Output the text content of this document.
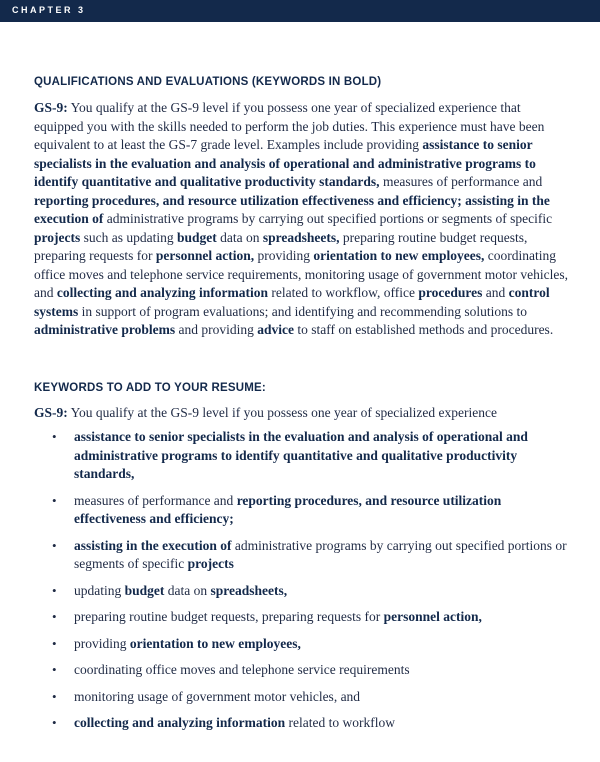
CHAPTER 3
QUALIFICATIONS AND EVALUATIONS (KEYWORDS IN BOLD)

GS-9: You qualify at the GS-9 level if you possess one year of specialized experience that equipped you with the skills needed to perform the job duties. This experience must have been equivalent to at least the GS-7 grade level. Examples include providing assistance to senior specialists in the evaluation and analysis of operational and administrative programs to identify quantitative and qualitative productivity standards, measures of performance and reporting procedures, and resource utilization effectiveness and efficiency; assisting in the execution of administrative programs by carrying out specified portions or segments of specific projects such as updating budget data on spreadsheets, preparing routine budget requests, preparing requests for personnel action, providing orientation to new employees, coordinating office moves and telephone service requirements, monitoring usage of government motor vehicles, and collecting and analyzing information related to workflow, office procedures and control systems in support of program evaluations; and identifying and recommending solutions to administrative problems and providing advice to staff on established methods and procedures.

KEYWORDS TO ADD TO YOUR RESUME:
GS-9: You qualify at the GS-9 level if you possess one year of specialized experience
• assistance to senior specialists in the evaluation and analysis of operational and administrative programs to identify quantitative and qualitative productivity standards,
• measures of performance and reporting procedures, and resource utilization effectiveness and efficiency;
• assisting in the execution of administrative programs by carrying out specified portions or segments of specific projects
• updating budget data on spreadsheets,
• preparing routine budget requests, preparing requests for personnel action,
• providing orientation to new employees,
• coordinating office moves and telephone service requirements
• monitoring usage of government motor vehicles, and
• collecting and analyzing information related to workflow
